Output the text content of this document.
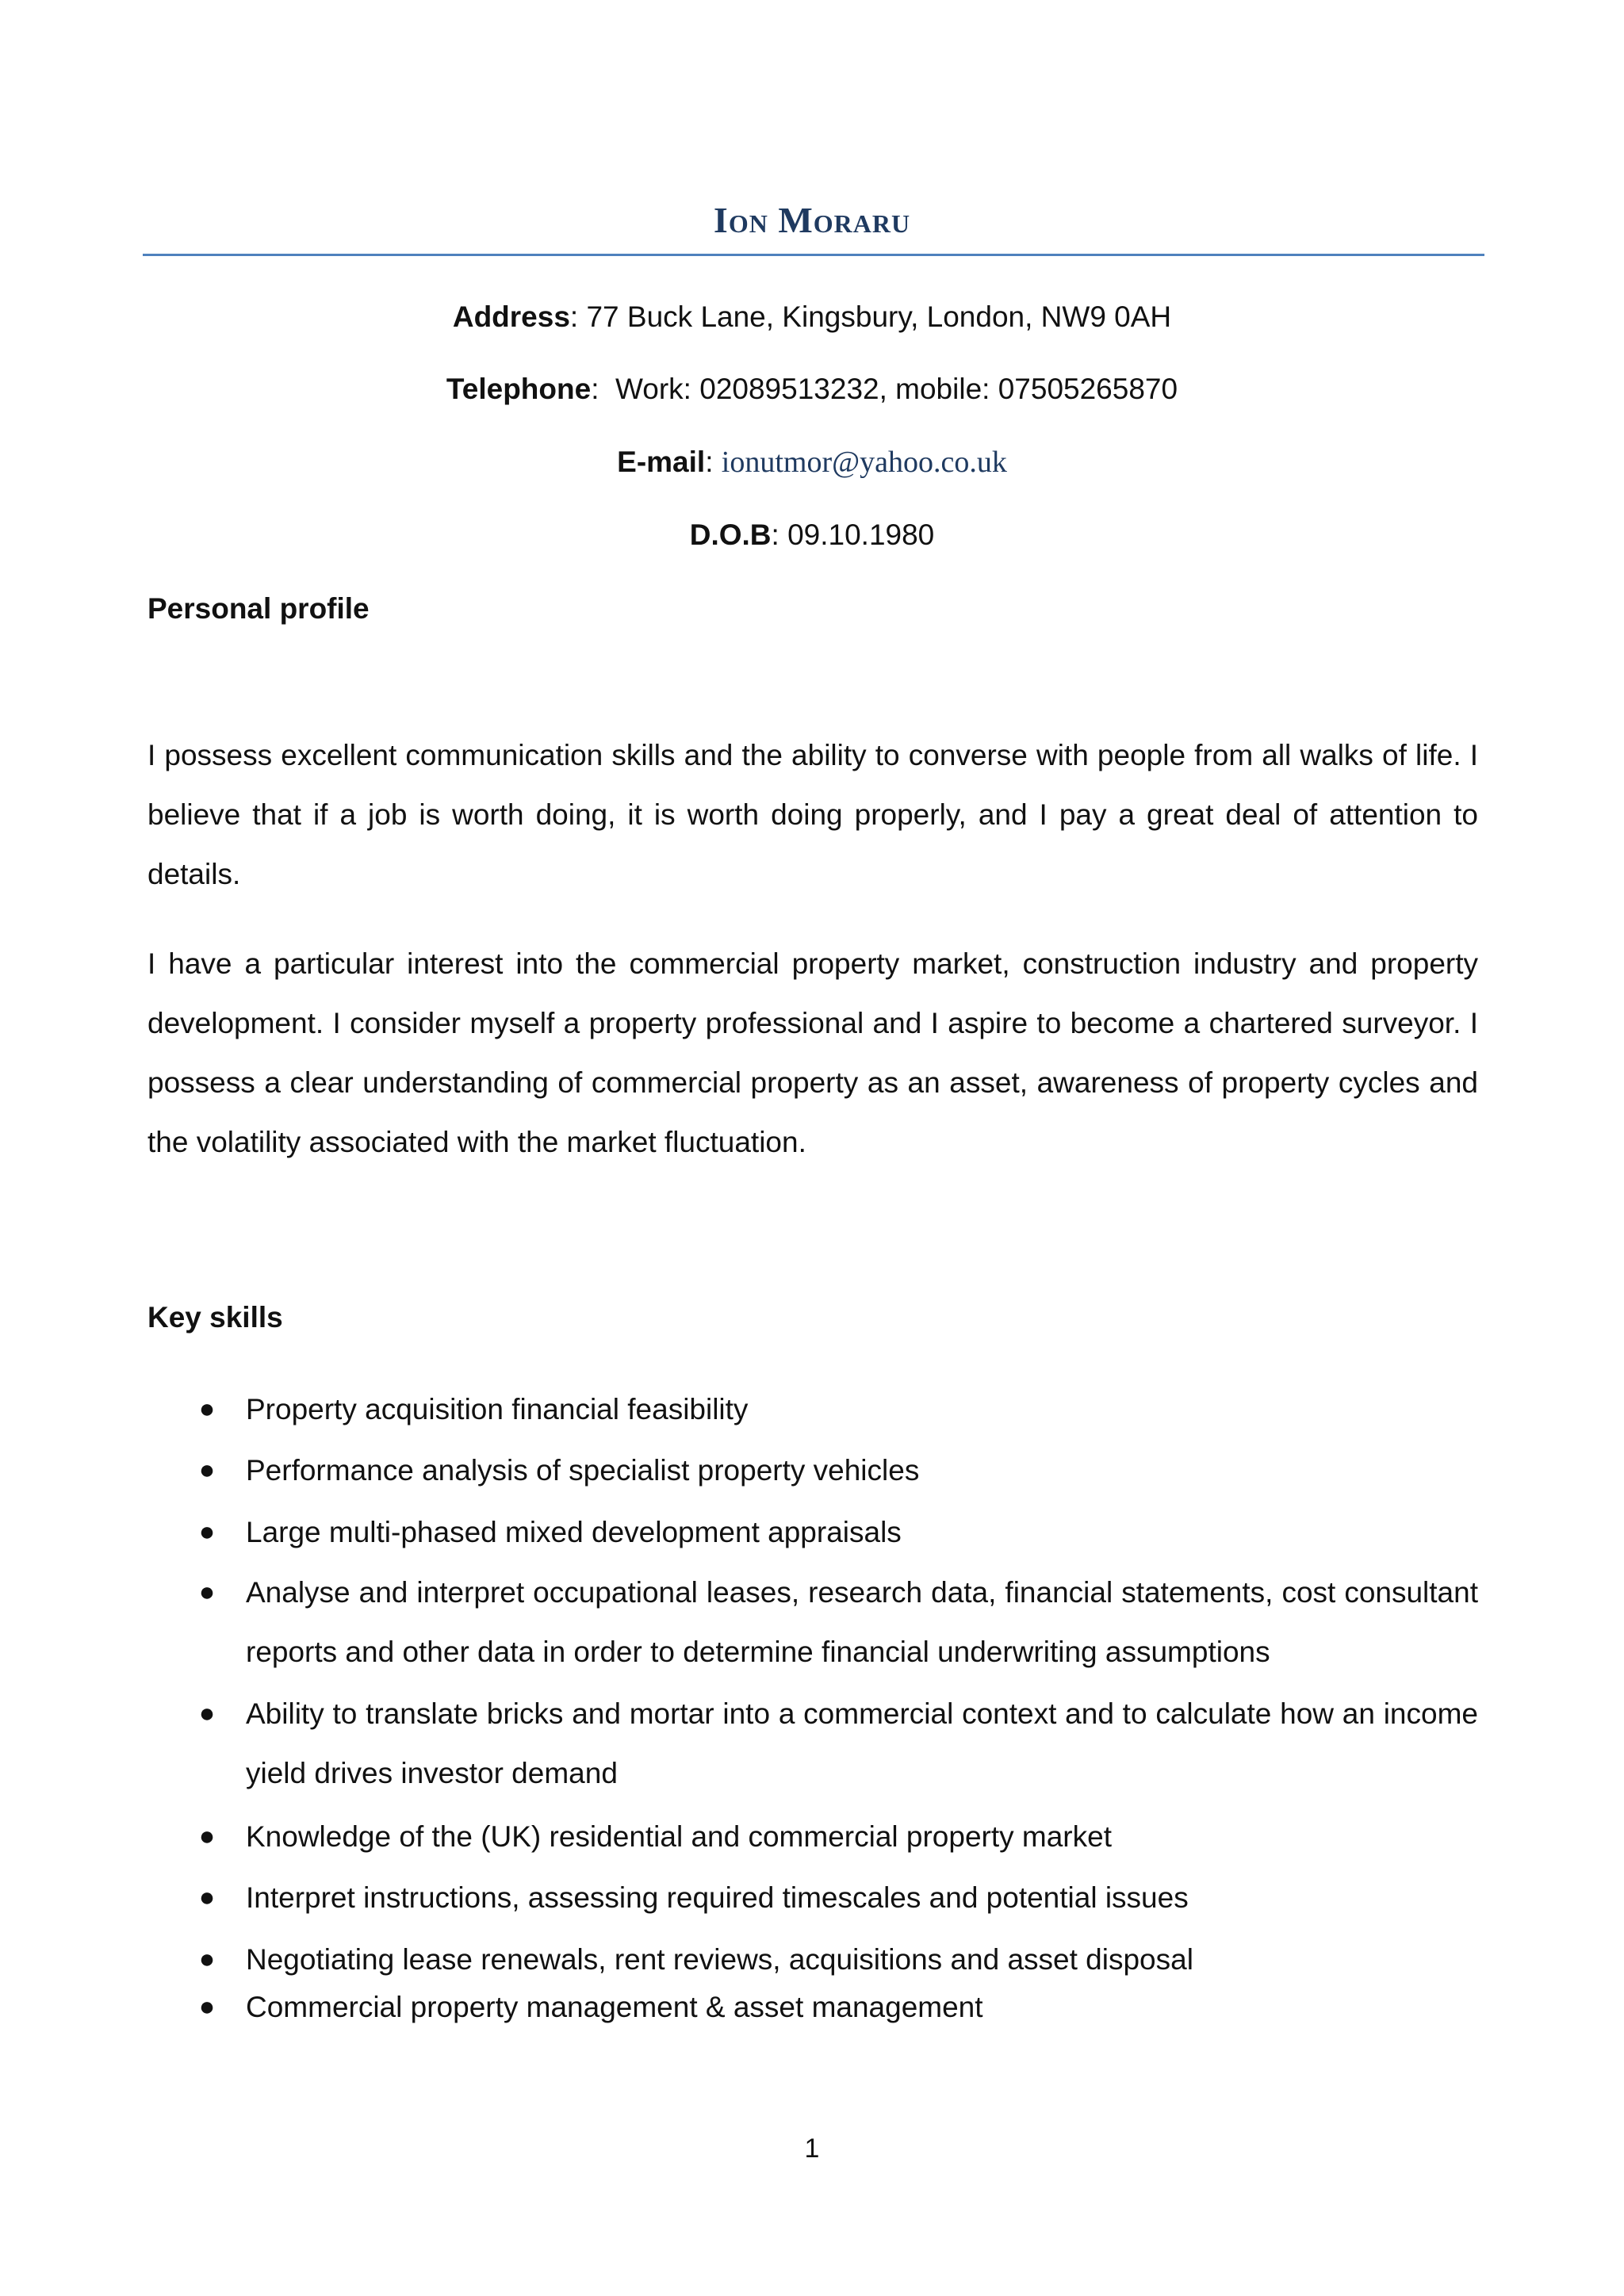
Ion Moraru
Address: 77 Buck Lane, Kingsbury, London, NW9 0AH
Telephone:  Work: 02089513232, mobile: 07505265870
E-mail: ionutmor@yahoo.co.uk
D.O.B: 09.10.1980
Personal profile

I possess excellent communication skills and the ability to converse with people from all walks of life. I believe that if a job is worth doing, it is worth doing properly, and I pay a great deal of attention to details.

I have a particular interest into the commercial property market, construction industry and property development. I consider myself a property professional and I aspire to become a chartered surveyor. I possess a clear understanding of commercial property as an asset, awareness of property cycles and the volatility associated with the market fluctuation.

Key skills
● Property acquisition financial feasibility
● Performance analysis of specialist property vehicles
● Large multi-phased mixed development appraisals
● Analyse and interpret occupational leases, research data, financial statements, cost consultant reports and other data in order to determine financial underwriting assumptions
● Ability to translate bricks and mortar into a commercial context and to calculate how an income yield drives investor demand
● Knowledge of the (UK) residential and commercial property market
● Interpret instructions, assessing required timescales and potential issues
● Negotiating lease renewals, rent reviews, acquisitions and asset disposal
● Commercial property management & asset management
1
